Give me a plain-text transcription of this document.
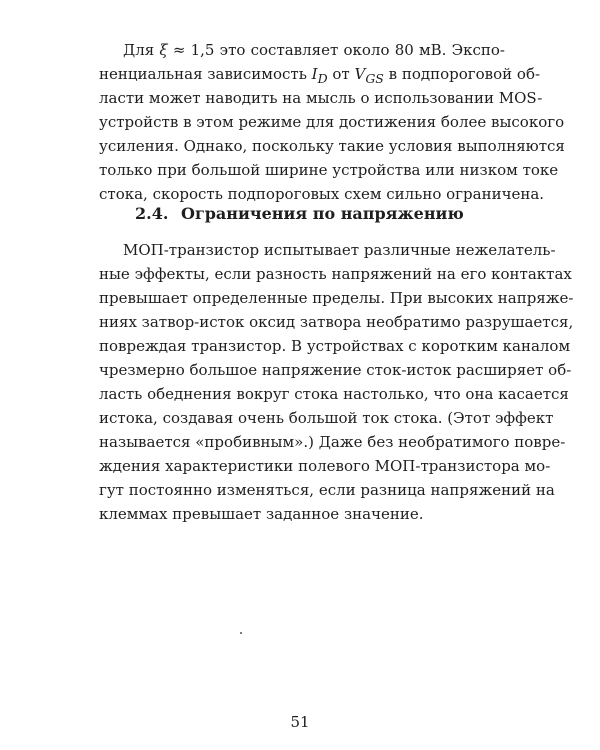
Для ξ ≈ 1,5 это составляет около 80 мВ. Экспо-
ненциальная зависимость $I_D$ от $V_{GS}$ в подпороговой об-
ласти может наводить на мысль о использовании MOS-
устройств в этом режиме для достижения более высокого
усиления. Однако, поскольку такие условия выполняются
только при большой ширине устройства или низком токе
стока, скорость подпороговых схем сильно ограничена.
2.4. Ограничения по напряжению
МОП-транзистор испытывает различные нежелатель-
ные эффекты, если разность напряжений на его контактах
превышает определенные пределы. При высоких напряже-
ниях затвор-исток оксид затвора необратимо разрушается,
повреждая транзистор. В устройствах с коротким каналом
чрезмерно большое напряжение сток-исток расширяет об-
ласть обеднения вокруг стока настолько, что она касается
истока, создавая очень большой ток стока. (Этот эффект
называется «пробивным».) Даже без необратимого повре-
ждения характеристики полевого МОП-транзистора мо-
гут постоянно изменяться, если разница напряжений на
клеммах превышает заданное значение.
51
